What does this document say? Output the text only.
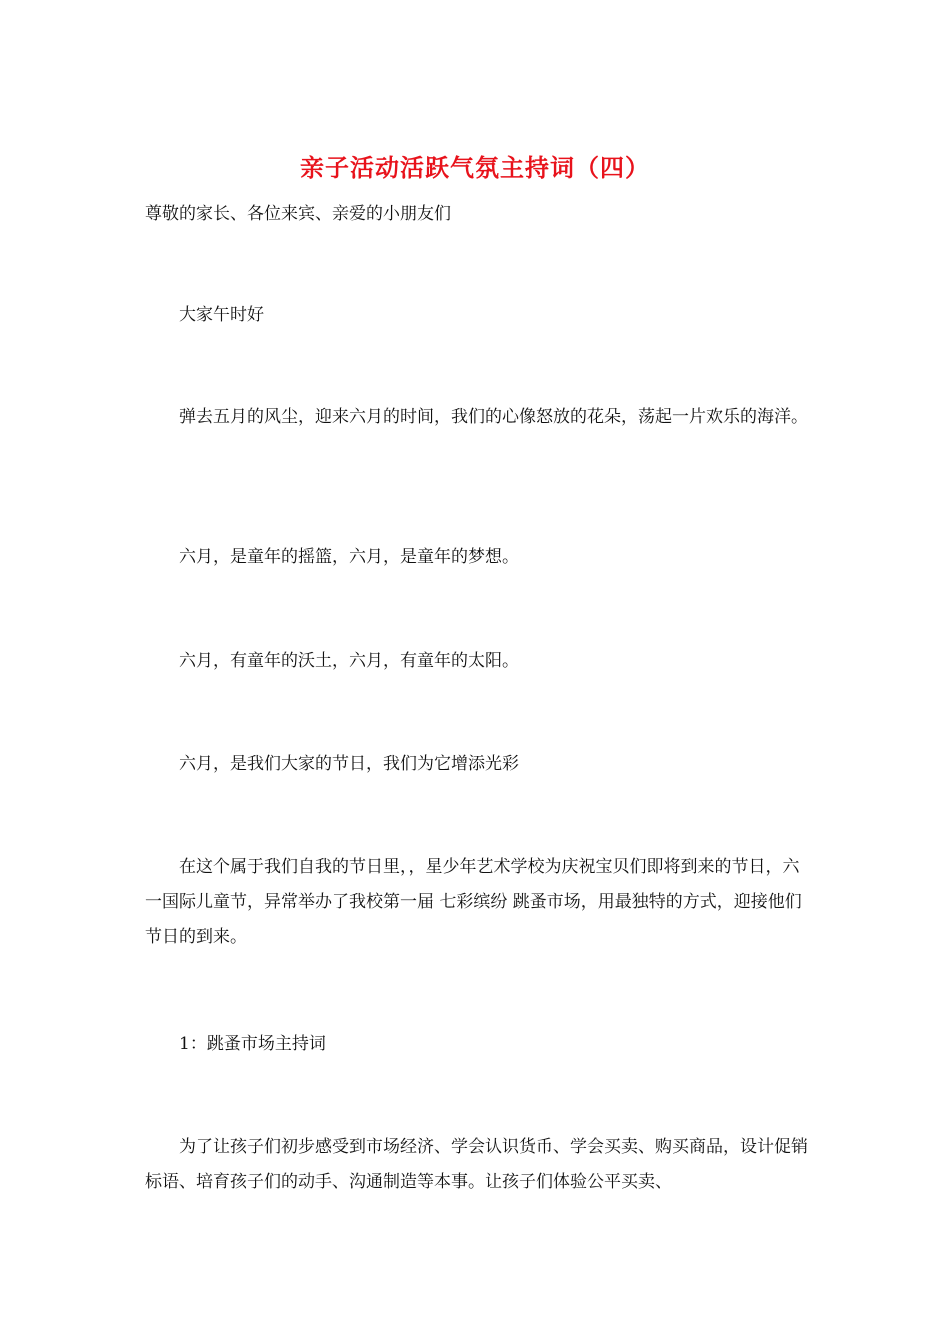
亲子活动活跃气氛主持词（四）

尊敬的家长、各位来宾、亲爱的小朋友们

大家午时好

弹去五月的风尘，迎来六月的时间，我们的心像怒放的花朵，荡起一片欢乐的海洋。

六月，是童年的摇篮，六月，是童年的梦想。

六月，有童年的沃土，六月，有童年的太阳。

六月，是我们大家的节日，我们为它增添光彩

在这个属于我们自我的节日里，，星少年艺术学校为庆祝宝贝们即将到来的节日，六一国际儿童节，异常举办了我校第一届 七彩缤纷 跳蚤市场，用最独特的方式，迎接他们节日的到来。

1：跳蚤市场主持词

为了让孩子们初步感受到市场经济、学会认识货币、学会买卖、购买商品，设计促销标语、培育孩子们的动手、沟通制造等本事。让孩子们体验公平买卖、
